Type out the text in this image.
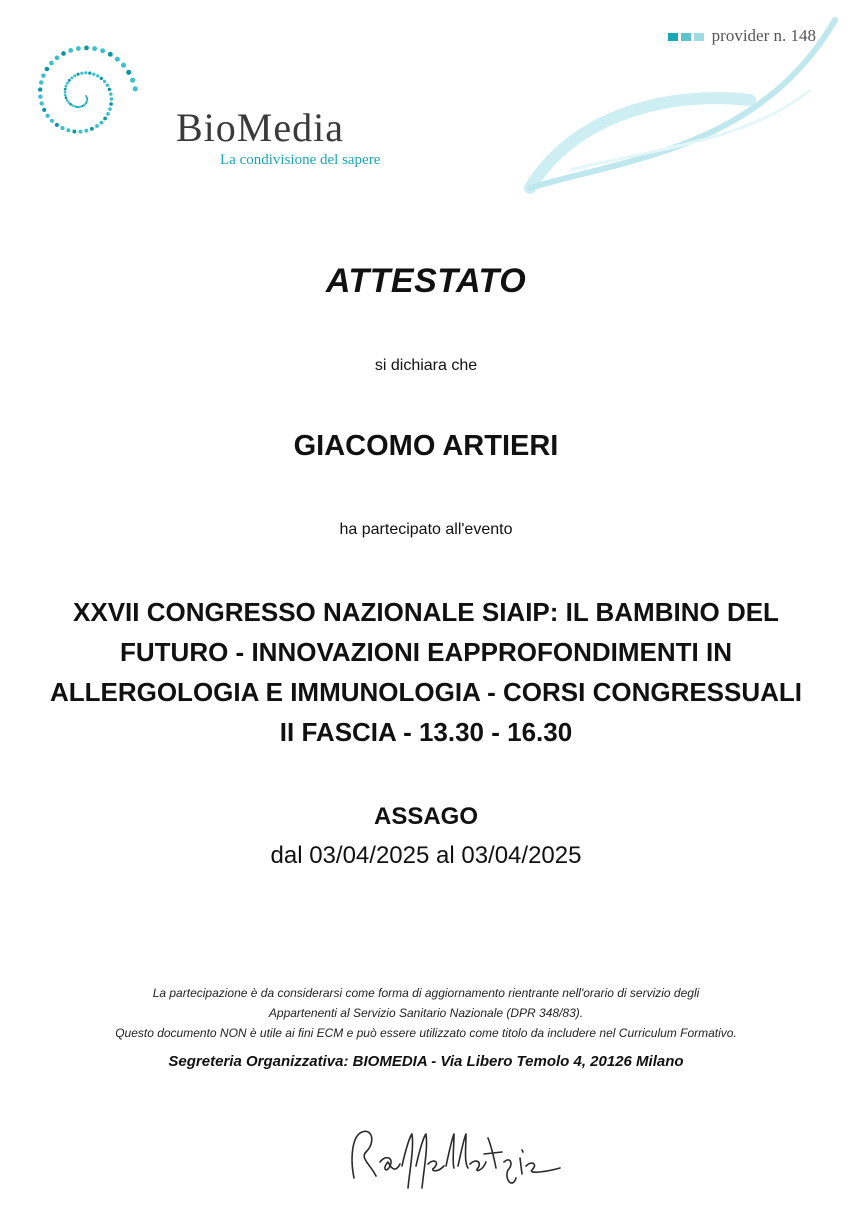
BioMedia
La condivisione del sapere
provider n. 148
ATTESTATO
si dichiara che
GIACOMO ARTIERI
ha partecipato all'evento
XXVII CONGRESSO NAZIONALE SIAIP: IL BAMBINO DEL
FUTURO - INNOVAZIONI EAPPROFONDIMENTI IN
ALLERGOLOGIA E IMMUNOLOGIA - CORSI CONGRESSUALI
II FASCIA - 13.30 - 16.30
ASSAGO
dal 03/04/2025 al 03/04/2025
La partecipazione è da considerarsi come forma di aggiornamento rientrante nell'orario di servizio degli
Appartenenti al Servizio Sanitario Nazionale (DPR 348/83).
Questo documento NON è utile ai fini ECM e può essere utilizzato come titolo da includere nel Curriculum Formativo.
Segreteria Organizzativa: BIOMEDIA - Via Libero Temolo 4, 20126 Milano
